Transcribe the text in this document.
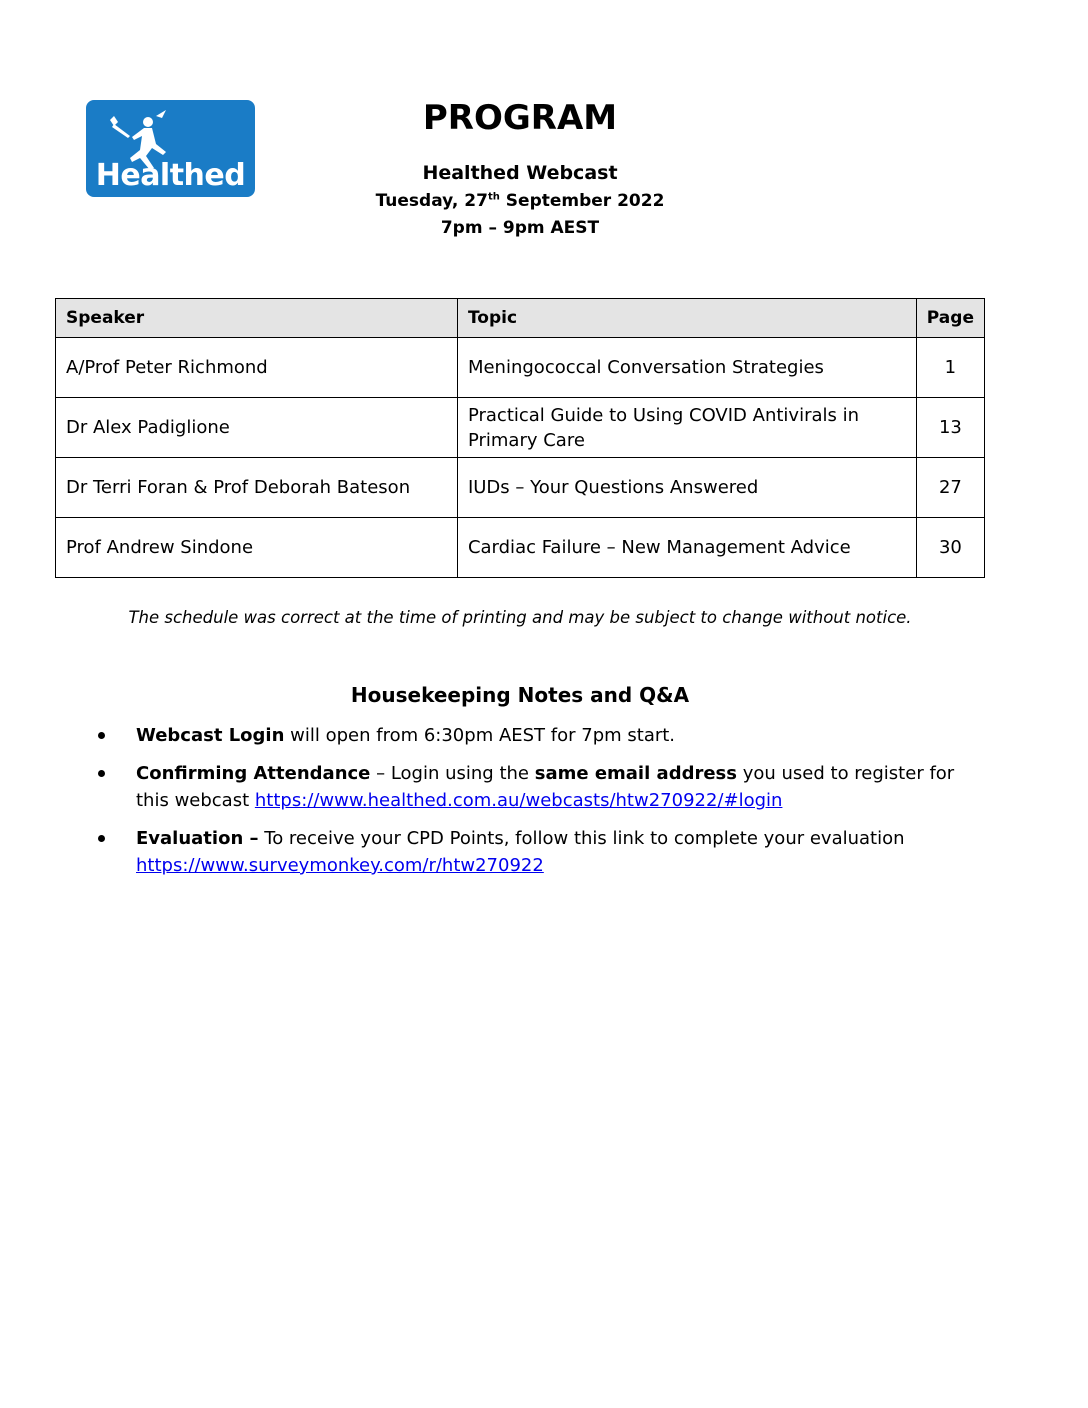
Healthed
PROGRAM
Healthed Webcast
Tuesday, 27th September 2022
7pm – 9pm AEST
Speaker	Topic	Page
A/Prof Peter Richmond	Meningococcal Conversation Strategies	1
Dr Alex Padiglione	Practical Guide to Using COVID Antivirals in Primary Care	13
Dr Terri Foran & Prof Deborah Bateson	IUDs – Your Questions Answered	27
Prof Andrew Sindone	Cardiac Failure – New Management Advice	30
The schedule was correct at the time of printing and may be subject to change without notice.
Housekeeping Notes and Q&A
Webcast Login will open from 6:30pm AEST for 7pm start.
Confirming Attendance – Login using the same email address you used to register for this webcast https://www.healthed.com.au/webcasts/htw270922/#login
Evaluation – To receive your CPD Points, follow this link to complete your evaluation https://www.surveymonkey.com/r/htw270922
